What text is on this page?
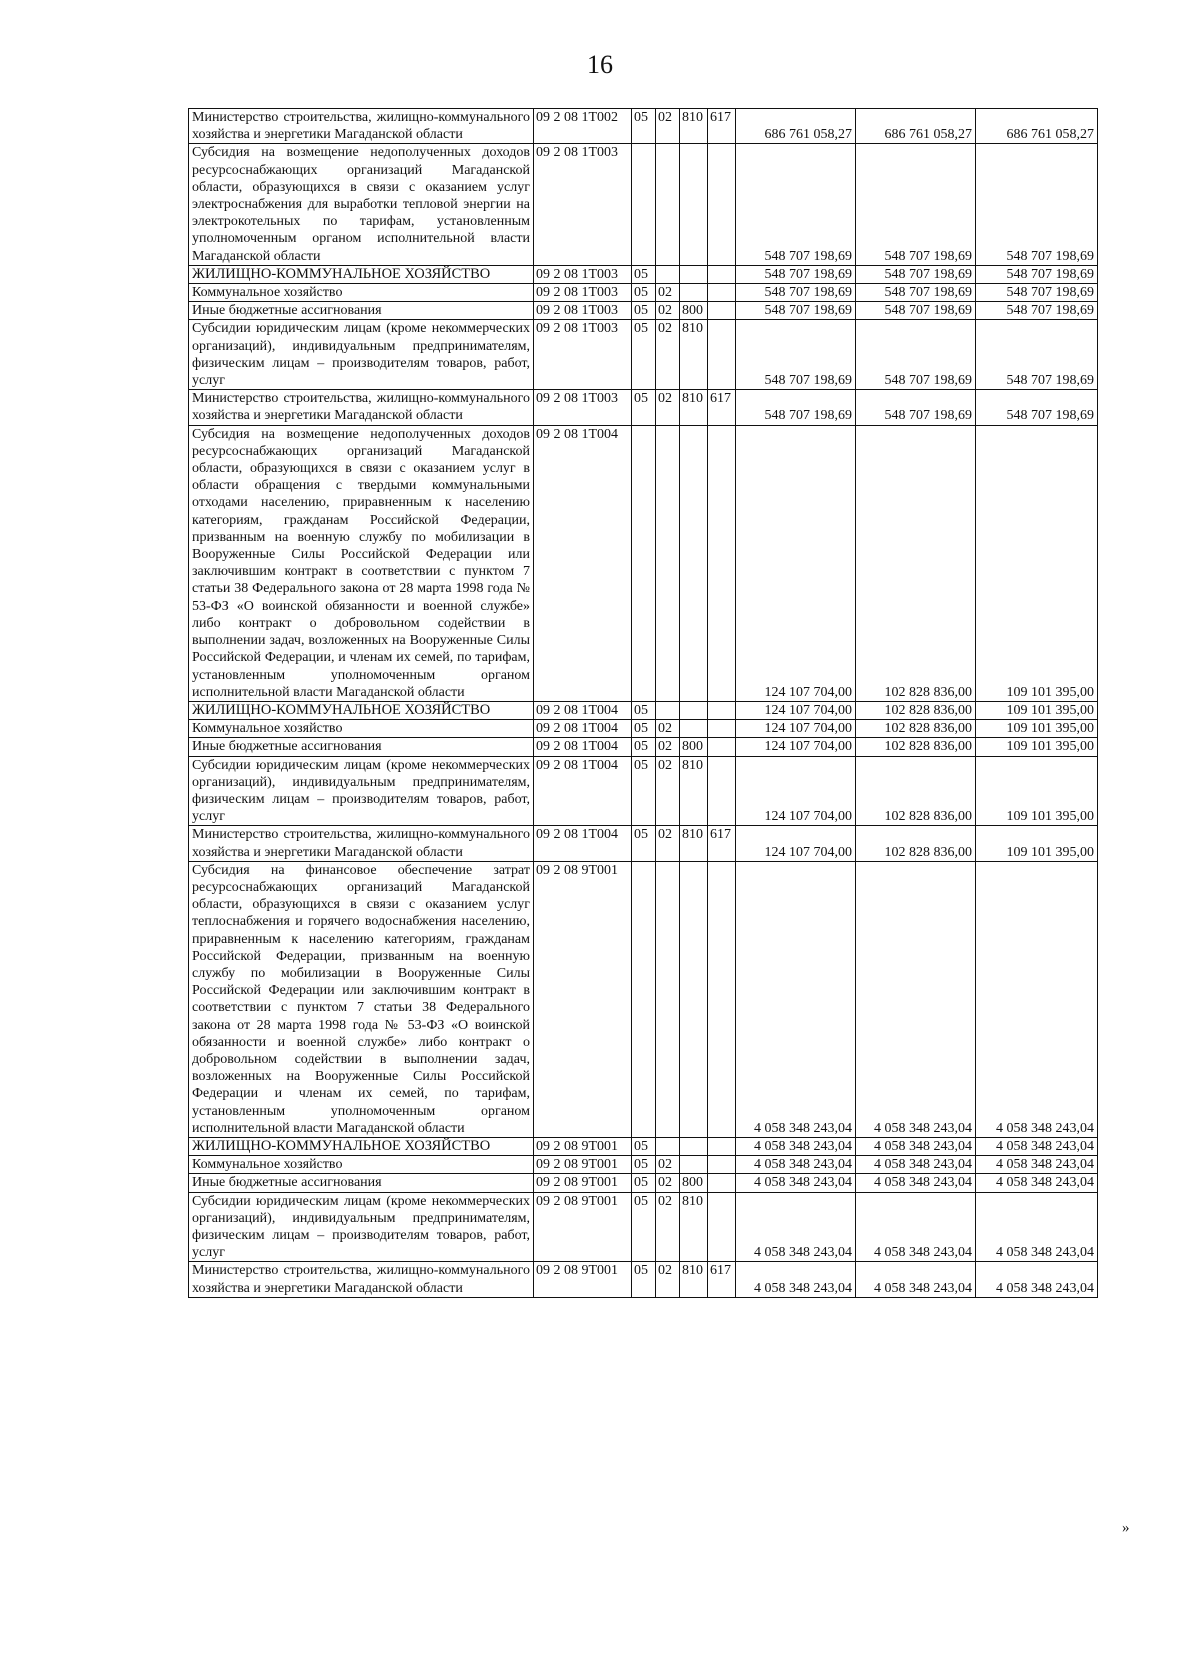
16
Министерство строительства, жилищно-коммунального хозяйства и энергетики Магаданской области	09 2 08 1Т002	05	02	810	617	686 761 058,27	686 761 058,27	686 761 058,27
Субсидия на возмещение недополученных доходов ресурсоснабжающих организаций Магаданской области, образующихся в связи с оказанием услуг электроснабжения для выработки тепловой энергии на электрокотельных по тарифам, установленным уполномоченным органом исполнительной власти Магаданской области	09 2 08 1Т003					548 707 198,69	548 707 198,69	548 707 198,69
ЖИЛИЩНО-КОММУНАЛЬНОЕ ХОЗЯЙСТВО	09 2 08 1Т003	05				548 707 198,69	548 707 198,69	548 707 198,69
Коммунальное хозяйство	09 2 08 1Т003	05	02			548 707 198,69	548 707 198,69	548 707 198,69
Иные бюджетные ассигнования	09 2 08 1Т003	05	02	800		548 707 198,69	548 707 198,69	548 707 198,69
Субсидии юридическим лицам (кроме некоммерческих организаций), индивидуальным предпринимателям, физическим лицам – производителям товаров, работ, услуг	09 2 08 1Т003	05	02	810		548 707 198,69	548 707 198,69	548 707 198,69
Министерство строительства, жилищно-коммунального хозяйства и энергетики Магаданской области	09 2 08 1Т003	05	02	810	617	548 707 198,69	548 707 198,69	548 707 198,69
Субсидия на возмещение недополученных доходов ресурсоснабжающих организаций Магаданской области, образующихся в связи с оказанием услуг в области обращения с твердыми коммунальными отходами населению, приравненным к населению категориям, гражданам Российской Федерации, призванным на военную службу по мобилизации в Вооруженные Силы Российской Федерации или заключившим контракт в соответствии с пунктом 7 статьи 38 Федерального закона от 28 марта 1998 года № 53-ФЗ «О воинской обязанности и военной службе» либо контракт о добровольном содействии в выполнении задач, возложенных на Вооруженные Силы Российской Федерации, и членам их семей, по тарифам, установленным уполномоченным органом исполнительной власти Магаданской области	09 2 08 1Т004					124 107 704,00	102 828 836,00	109 101 395,00
ЖИЛИЩНО-КОММУНАЛЬНОЕ ХОЗЯЙСТВО	09 2 08 1Т004	05				124 107 704,00	102 828 836,00	109 101 395,00
Коммунальное хозяйство	09 2 08 1Т004	05	02			124 107 704,00	102 828 836,00	109 101 395,00
Иные бюджетные ассигнования	09 2 08 1Т004	05	02	800		124 107 704,00	102 828 836,00	109 101 395,00
Субсидии юридическим лицам (кроме некоммерческих организаций), индивидуальным предпринимателям, физическим лицам – производителям товаров, работ, услуг	09 2 08 1Т004	05	02	810		124 107 704,00	102 828 836,00	109 101 395,00
Министерство строительства, жилищно-коммунального хозяйства и энергетики Магаданской области	09 2 08 1Т004	05	02	810	617	124 107 704,00	102 828 836,00	109 101 395,00
Субсидия на финансовое обеспечение затрат ресурсоснабжающих организаций Магаданской области, образующихся в связи с оказанием услуг теплоснабжения и горячего водоснабжения населению, приравненным к населению категориям, гражданам Российской Федерации, призванным на военную службу по мобилизации в Вооруженные Силы Российской Федерации или заключившим контракт в соответствии с пунктом 7 статьи 38 Федерального закона от 28 марта 1998 года № 53-ФЗ «О воинской обязанности и военной службе» либо контракт о добровольном содействии в выполнении задач, возложенных на Вооруженные Силы Российской Федерации и членам их семей, по тарифам, установленным уполномоченным органом исполнительной власти Магаданской области	09 2 08 9Т001					4 058 348 243,04	4 058 348 243,04	4 058 348 243,04
ЖИЛИЩНО-КОММУНАЛЬНОЕ ХОЗЯЙСТВО	09 2 08 9Т001	05				4 058 348 243,04	4 058 348 243,04	4 058 348 243,04
Коммунальное хозяйство	09 2 08 9Т001	05	02			4 058 348 243,04	4 058 348 243,04	4 058 348 243,04
Иные бюджетные ассигнования	09 2 08 9Т001	05	02	800		4 058 348 243,04	4 058 348 243,04	4 058 348 243,04
Субсидии юридическим лицам (кроме некоммерческих организаций), индивидуальным предпринимателям, физическим лицам – производителям товаров, работ, услуг	09 2 08 9Т001	05	02	810		4 058 348 243,04	4 058 348 243,04	4 058 348 243,04
Министерство строительства, жилищно-коммунального хозяйства и энергетики Магаданской области	09 2 08 9Т001	05	02	810	617	4 058 348 243,04	4 058 348 243,04	4 058 348 243,04
»
